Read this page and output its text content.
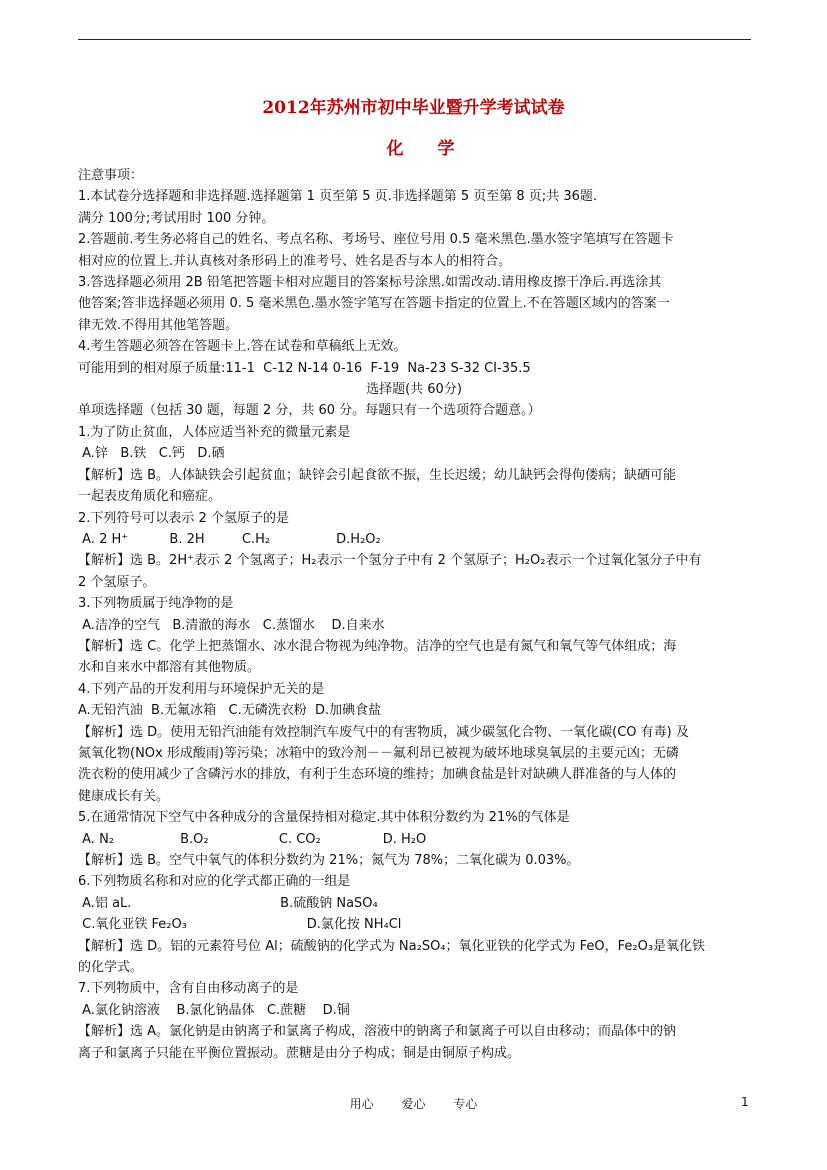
2012年苏州市初中毕业暨升学考试试卷
化 学

注意事项：

1.本试卷分选择题和非选择题.选择题第 1 页至第 5 页.非选择题第 5 页至第 8 页;共 36题.

满分 100分;考试用时 100 分钟。

2.答题前.考生务必将自己的姓名、考点名称、考场号、座位号用 0.5 毫米黑色.墨水签字笔填写在答题卡

相对应的位置上.并认真核对条形码上的准考号、姓名是否与本人的相符合。

3.答选择题必须用 2B 铅笔把答题卡相对应题目的答案标号涂黑.如需改动.请用橡皮擦干净后.再选涂其

他答案;答非选择题必须用 0. 5 毫米黑色.墨水签字笔写在答题卡指定的位置上.不在答题区域内的答案一

律无效.不得用其他笔答题。

4.考生答题必须答在答题卡上.答在试卷和草稿纸上无效。

可能用到的相对原子质量:11-1  C-12 N-14 0-16  F-19  Na-23 S-32 CI-35.5

选择题(共 60分)

单项选择题（包括 30 题，每题 2 分，共 60 分。每题只有一个选项符合题意。）

1.为了防止贫血，人体应适当补充的微量元素是

A.锌   B.铁   C.钙   D.硒

【解析】选 B。人体缺铁会引起贫血；缺锌会引起食欲不振，生长迟缓；幼儿缺钙会得佝偻病；缺硒可能

一起表皮角质化和癌症。

2.下列符号可以表示 2 个氢原子的是

A. 2 H⁺          B. 2H         C.H₂                D.H₂O₂

【解析】选 B。2H⁺表示 2 个氢离子；H₂表示一个氢分子中有 2 个氢原子；H₂O₂表示一个过氧化氢分子中有

2 个氢原子。

3.下列物质属于纯净物的是

A.洁净的空气   B.清澈的海水   C.蒸馏水    D.自来水

【解析】选 C。化学上把蒸馏水、冰水混合物视为纯净物。洁净的空气也是有氮气和氧气等气体组成；海

水和自来水中都溶有其他物质。

4.下列产品的开发利用与环境保护无关的是

A.无铅汽油  B.无氟冰箱   C.无磷洗衣粉  D.加碘食盐

【解析】选 D。使用无铅汽油能有效控制汽车废气中的有害物质，减少碳氢化合物、一氧化碳(CO 有毒) 及

氮氧化物(NOx 形成酸雨)等污染；冰箱中的致冷剂－－氟利昂已被视为破坏地球臭氧层的主要元凶；无磷

洗衣粉的使用减少了含磷污水的排放，有利于生态环境的维持；加碘食盐是针对缺碘人群准备的与人体的

健康成长有关。

5.在通常情况下空气中各种成分的含量保持相对稳定.其中体积分数约为 21%的气体是

A. N₂                B.O₂                 C. CO₂               D. H₂O

【解析】选 B。空气中氧气的体积分数约为 21%；氮气为 78%；二氧化碳为 0.03%。

6.下列物质名称和对应的化学式都正确的一组是

A.铝 aL.                                    B.硫酸钠 NaSO₄

C.氧化亚铁 Fe₂O₃                             D.氯化按 NH₄Cl

【解析】选 D。铝的元素符号位 Al；硫酸钠的化学式为 Na₂SO₄；氧化亚铁的化学式为 FeO，Fe₂O₃是氧化铁

的化学式。

7.下列物质中，含有自由移动离子的是

A.氯化钠溶液    B.氯化钠晶体   C.蔗糖    D.铜

【解析】选 A。氯化钠是由钠离子和氯离子构成，溶液中的钠离子和氯离子可以自由移动；而晶体中的钠

离子和氯离子只能在平衡位置振动。蔗糖是由分子构成；铜是由铜原子构成。

用心 爱心 专心	1
